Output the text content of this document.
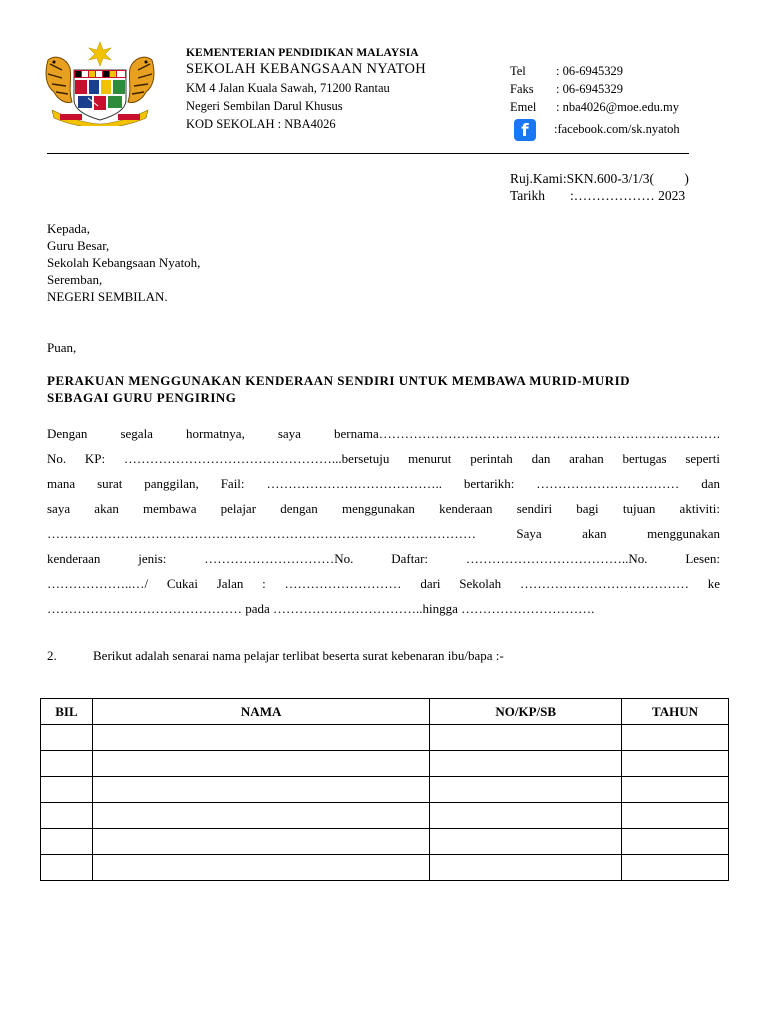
KEMENTERIAN PENDIDIKAN MALAYSIA
SEKOLAH KEBANGSAAN NYATOH
KM 4 Jalan Kuala Sawah, 71200 Rantau
Negeri Sembilan Darul Khusus
KOD SEKOLAH : NBA4026
Tel : 06-6945329
Faks : 06-6945329
Emel : nba4026@moe.edu.my
f :facebook.com/sk.nyatoh
Ruj.Kami:SKN.600-3/1/3(         )
Tarikh :……………… 2023
Kepada,
Guru Besar,
Sekolah Kebangsaan Nyatoh,
Seremban,
NEGERI SEMBILAN.
Puan,
PERAKUAN MENGGUNAKAN KENDERAAN SENDIRI UNTUK MEMBAWA MURID-MURID
SEBAGAI GURU PENGIRING
Dengan segala hormatnya, saya bernama…………………………………………………………………….
No. KP: …………………………………………...bersetuju menurut perintah dan arahan bertugas seperti
mana surat panggilan, Fail: ………………………………….. bertarikh: …………………………… dan
saya akan membawa pelajar dengan menggunakan kenderaan sendiri bagi tujuan aktiviti:
……………………………………………………………………………………… Saya akan menggunakan
kenderaan jenis: …………………………No. Daftar: ………………………………..No. Lesen:
………………..…/ Cukai Jalan : ……………………… dari Sekolah ………………………………… ke
……………………………………… pada ……………………………..hingga ………………………….
2.	Berikut adalah senarai nama pelajar terlibat beserta surat kebenaran ibu/bapa :-
BIL	NAMA	NO/KP/SB	TAHUN
